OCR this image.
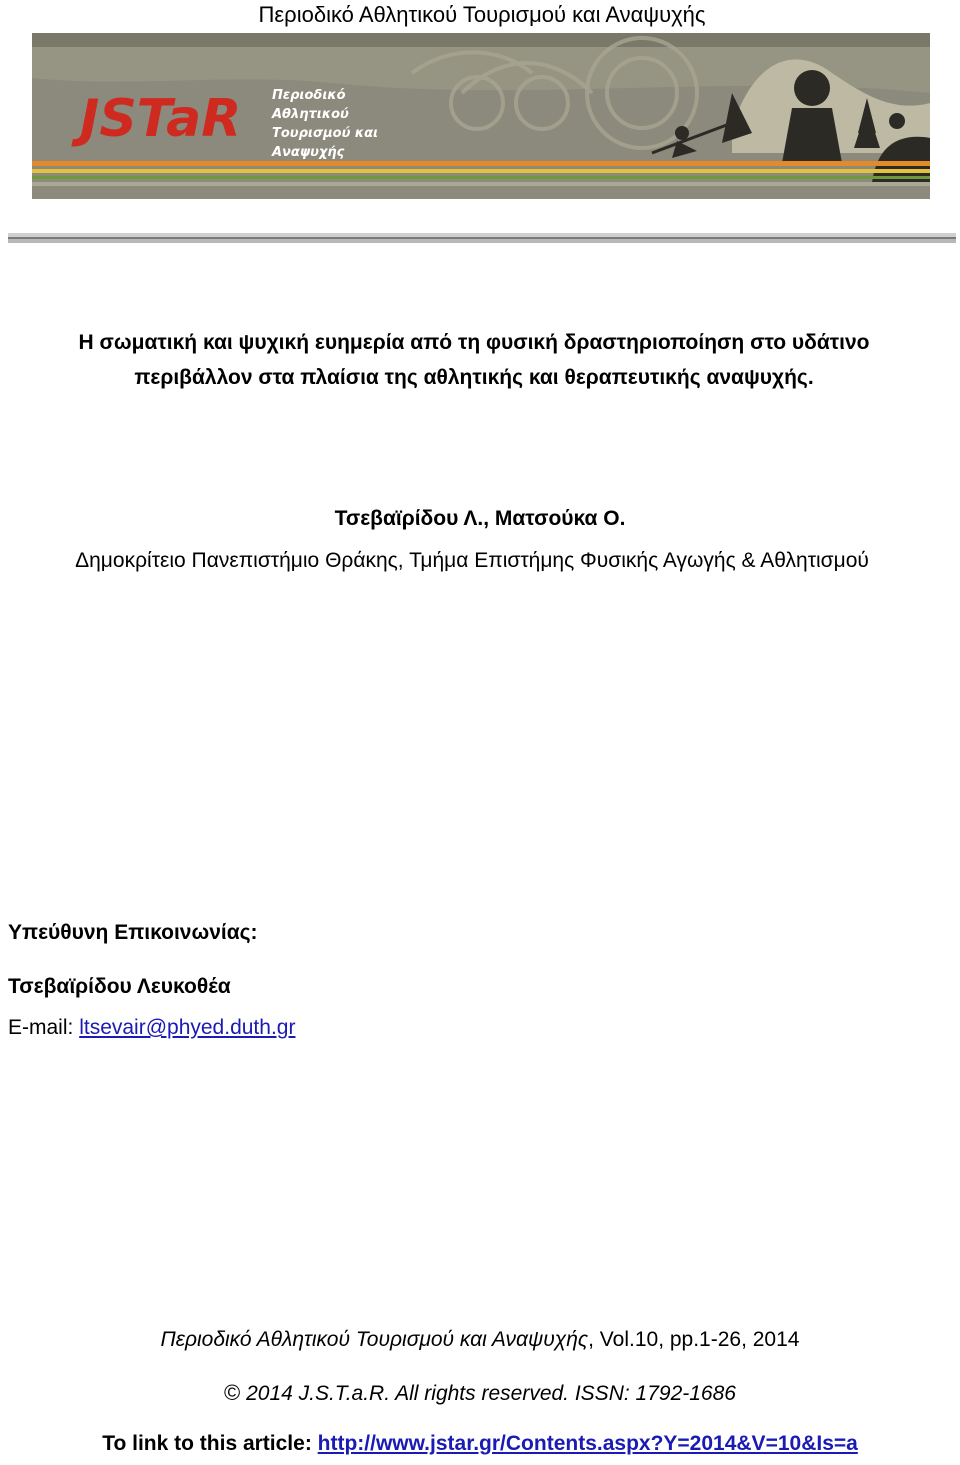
Περιοδικό Αθλητικού Τουρισμού και Αναψυχής
JSTaR Περιοδικό
Αθλητικού
Τουρισμού και
Αναψυχής
Η σωματική και ψυχική ευημερία από τη φυσική δραστηριοποίηση στο υδάτινο
περιβάλλον στα πλαίσια της αθλητικής και θεραπευτικής αναψυχής.
Τσεβαϊρίδου Λ., Ματσούκα Ο.
Δημοκρίτειο Πανεπιστήμιο Θράκης, Τμήμα Επιστήμης Φυσικής Αγωγής & Αθλητισμού
Υπεύθυνη Επικοινωνίας:
Τσεβαϊρίδου Λευκοθέα
E-mail: ltsevair@phyed.duth.gr
Περιοδικό Αθλητικού Τουρισμού και Αναψυχής, Vol.10, pp.1-26, 2014
© 2014 J.S.T.a.R. All rights reserved. ISSN: 1792-1686
To link to this article: http://www.jstar.gr/Contents.aspx?Y=2014&V=10&Is=a
